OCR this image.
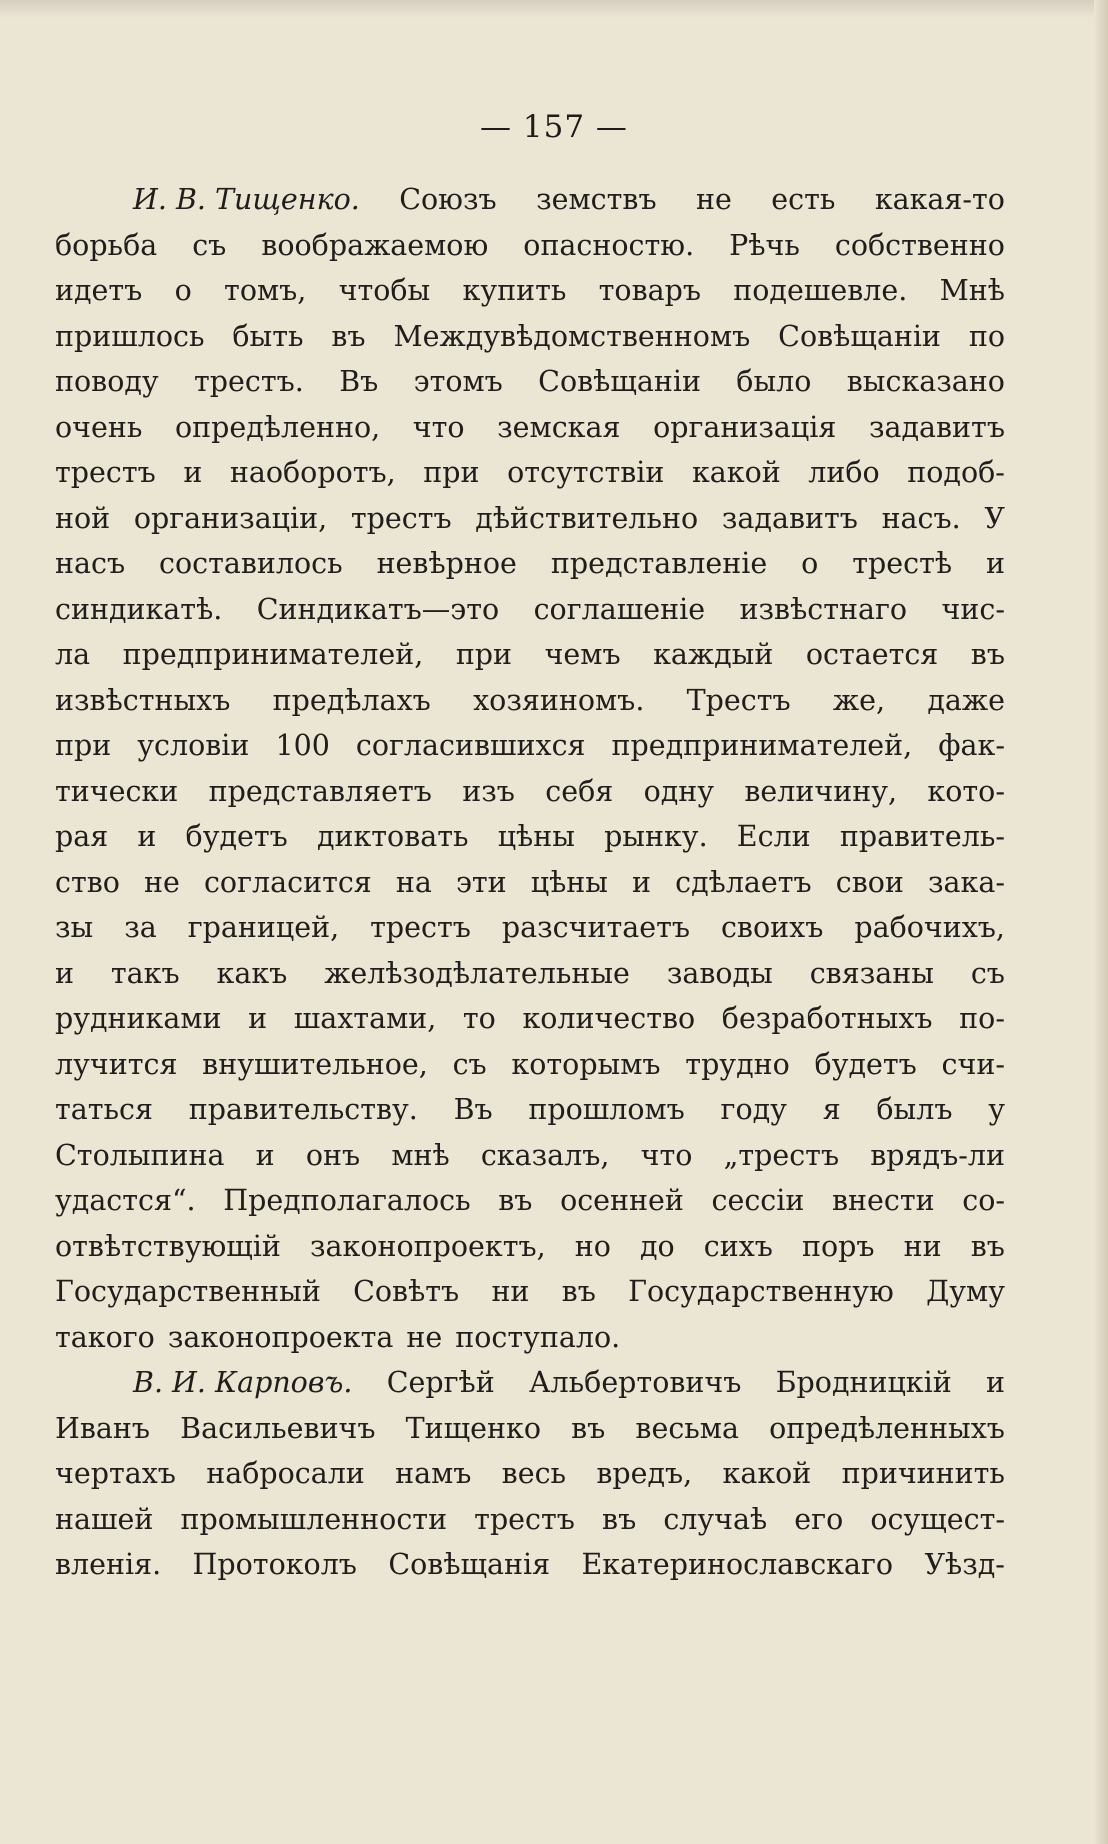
— 157 —
И. В. Тищенко. Союзъ земствъ не есть какая-то
борьба съ воображаемою опасностю. Рѣчь собственно
идетъ о томъ, чтобы купить товаръ подешевле. Мнѣ
пришлось быть въ Междувѣдомственномъ Совѣщанiи по
поводу трестъ. Въ этомъ Совѣщанiи было высказано
очень опредѣленно, что земская организацiя задавитъ
трестъ и наоборотъ, при отсутствiи какой либо подоб-
ной организацiи, трестъ дѣйствительно задавитъ насъ. У
насъ составилось невѣрное представленiе о трестѣ и
синдикатѣ. Синдикатъ—это соглашенiе извѣстнаго чис-
ла предпринимателей, при чемъ каждый остается въ
извѣстныхъ предѣлахъ хозяиномъ. Трестъ же, даже
при условiи 100 согласившихся предпринимателей, фак-
тически представляетъ изъ себя одну величину, кото-
рая и будетъ диктовать цѣны рынку. Если правитель-
ство не согласится на эти цѣны и сдѣлаетъ свои зака-
зы за границей, трестъ разсчитаетъ своихъ рабочихъ,
и такъ какъ желѣзодѣлательные заводы связаны съ
рудниками и шахтами, то количество безработныхъ по-
лучится внушительное, съ которымъ трудно будетъ счи-
таться правительству. Въ прошломъ году я былъ у
Столыпина и онъ мнѣ сказалъ, что „трестъ врядъ-ли
удастся“. Предполагалось въ осенней сессiи внести со-
отвѣтствующiй законопроектъ, но до сихъ поръ ни въ
Государственный Совѣтъ ни въ Государственную Думу
такого законопроекта не поступало.
В. И. Карповъ. Сергѣй Альбертовичъ Бродницкiй и
Иванъ Васильевичъ Тищенко въ весьма опредѣленныхъ
чертахъ набросали намъ весь вредъ, какой причинить
нашей промышленности трестъ въ случаѣ его осущест-
вленiя. Протоколъ Совѣщанiя Екатеринославскаго Уѣзд-
